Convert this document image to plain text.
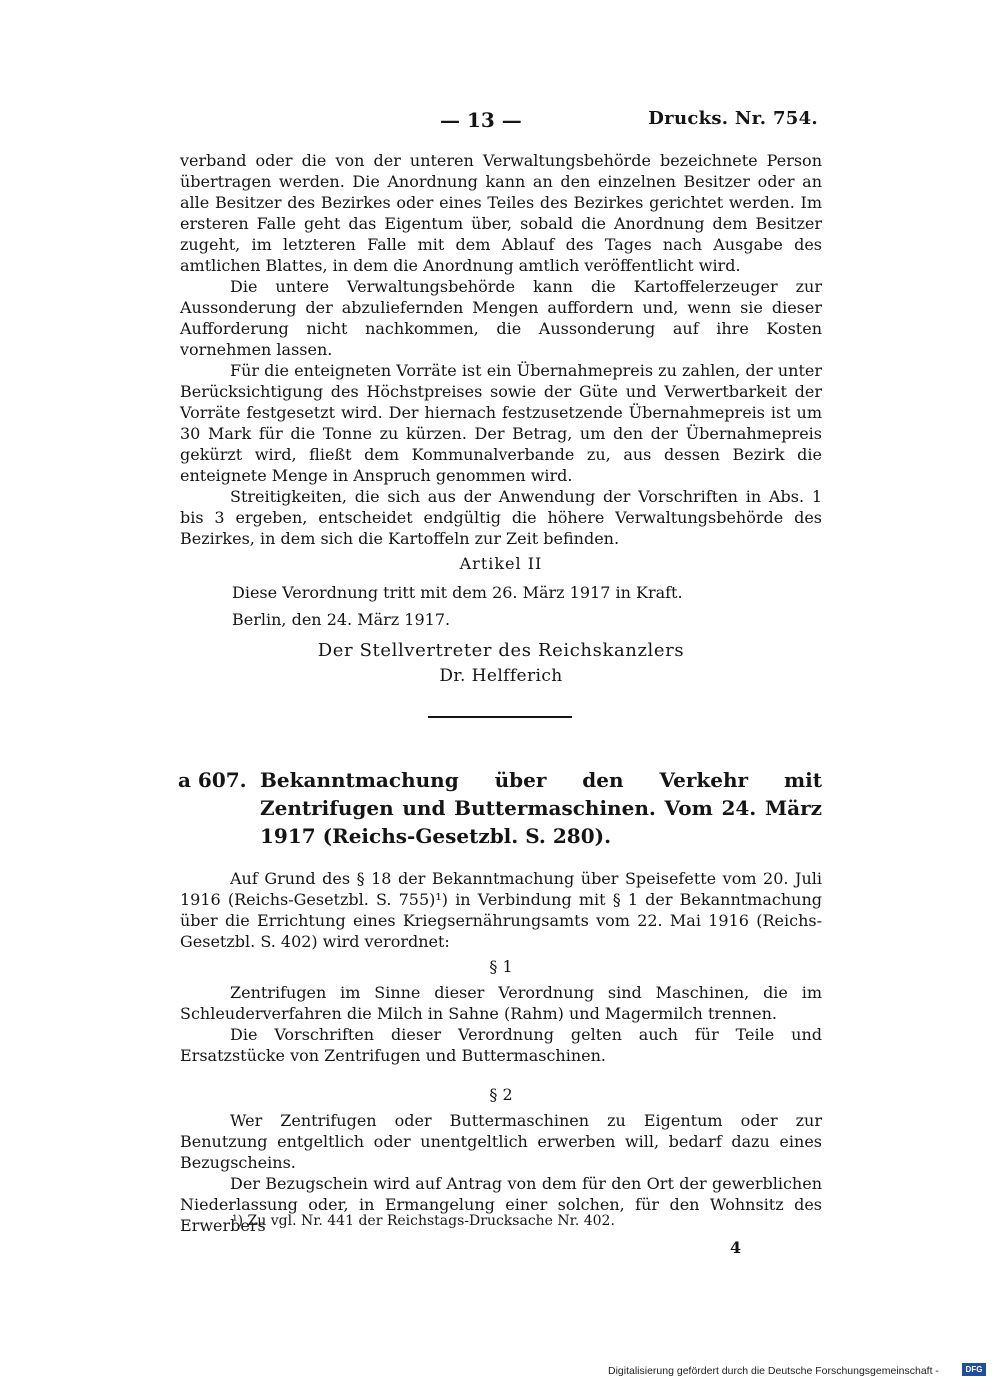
— 13 —	Drucks. Nr. 754.

verband oder die von der unteren Verwaltungsbehörde bezeichnete Person übertragen werden. Die Anordnung kann an den einzelnen Besitzer oder an alle Besitzer des Bezirkes oder eines Teiles des Bezirkes gerichtet werden. Im ersteren Falle geht das Eigentum über, sobald die Anordnung dem Besitzer zugeht, im letzteren Falle mit dem Ablauf des Tages nach Ausgabe des amtlichen Blattes, in dem die Anordnung amtlich veröffentlicht wird.

Die untere Verwaltungsbehörde kann die Kartoffelerzeuger zur Aussonderung der abzuliefernden Mengen auffordern und, wenn sie dieser Aufforderung nicht nachkommen, die Aussonderung auf ihre Kosten vornehmen lassen.

Für die enteigneten Vorräte ist ein Übernahmepreis zu zahlen, der unter Berücksichtigung des Höchstpreises sowie der Güte und Verwertbarkeit der Vorräte festgesetzt wird. Der hiernach festzusetzende Übernahmepreis ist um 30 Mark für die Tonne zu kürzen. Der Betrag, um den der Übernahmepreis gekürzt wird, fließt dem Kommunalverbande zu, aus dessen Bezirk die enteignete Menge in Anspruch genommen wird.

Streitigkeiten, die sich aus der Anwendung der Vorschriften in Abs. 1 bis 3 ergeben, entscheidet endgültig die höhere Verwaltungsbehörde des Bezirkes, in dem sich die Kartoffeln zur Zeit befinden.

Artikel II
Diese Verordnung tritt mit dem 26. März 1917 in Kraft.
Berlin, den 24. März 1917.
Der Stellvertreter des Reichskanzlers
Dr. Helfferich
a 607. Bekanntmachung über den Verkehr mit Zentrifugen und Buttermaschinen. Vom 24. März 1917 (Reichs-Gesetzbl. S. 280).

Auf Grund des § 18 der Bekanntmachung über Speisefette vom 20. Juli 1916 (Reichs-Gesetzbl. S. 755)¹) in Verbindung mit § 1 der Bekanntmachung über die Errichtung eines Kriegsernährungsamts vom 22. Mai 1916 (Reichs-Gesetzbl. S. 402) wird verordnet:

§ 1

Zentrifugen im Sinne dieser Verordnung sind Maschinen, die im Schleuderverfahren die Milch in Sahne (Rahm) und Magermilch trennen.

Die Vorschriften dieser Verordnung gelten auch für Teile und Ersatzstücke von Zentrifugen und Buttermaschinen.

§ 2

Wer Zentrifugen oder Buttermaschinen zu Eigentum oder zur Benutzung entgeltlich oder unentgeltlich erwerben will, bedarf dazu eines Bezugscheins.

Der Bezugschein wird auf Antrag von dem für den Ort der gewerblichen Niederlassung oder, in Ermangelung einer solchen, für den Wohnsitz des Erwerbers

¹) Zu vgl. Nr. 441 der Reichstags-Drucksache Nr. 402.
4
Digitalisierung gefördert durch die Deutsche Forschungsgemeinschaft -	DFG
